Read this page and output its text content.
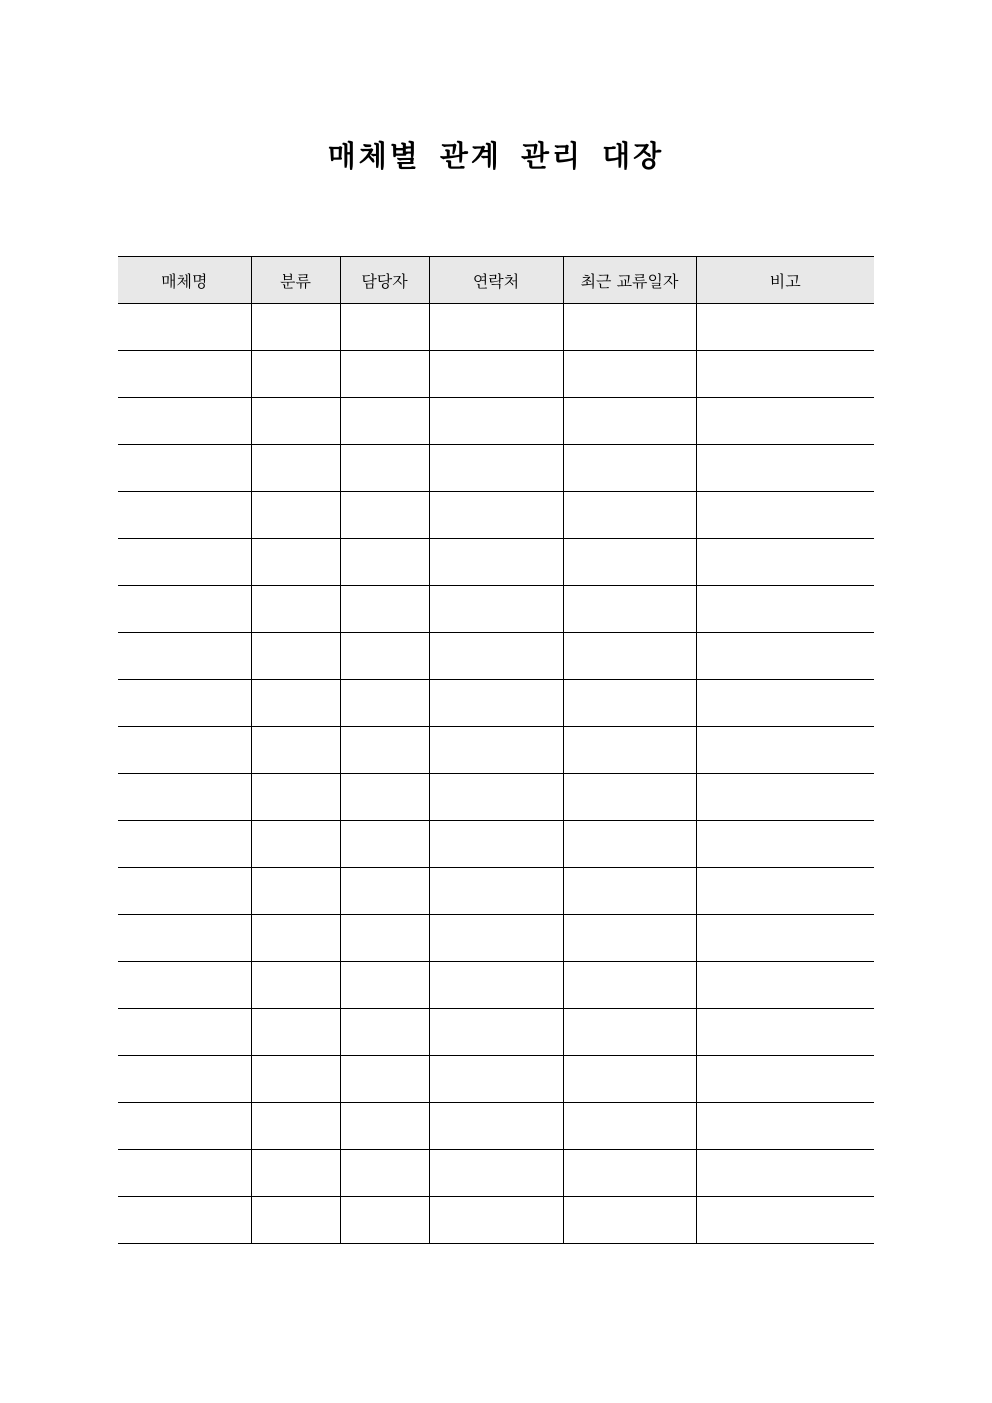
매체별 관계 관리 대장
매체명	분류	담당자	연락처	최근 교류일자	비고
